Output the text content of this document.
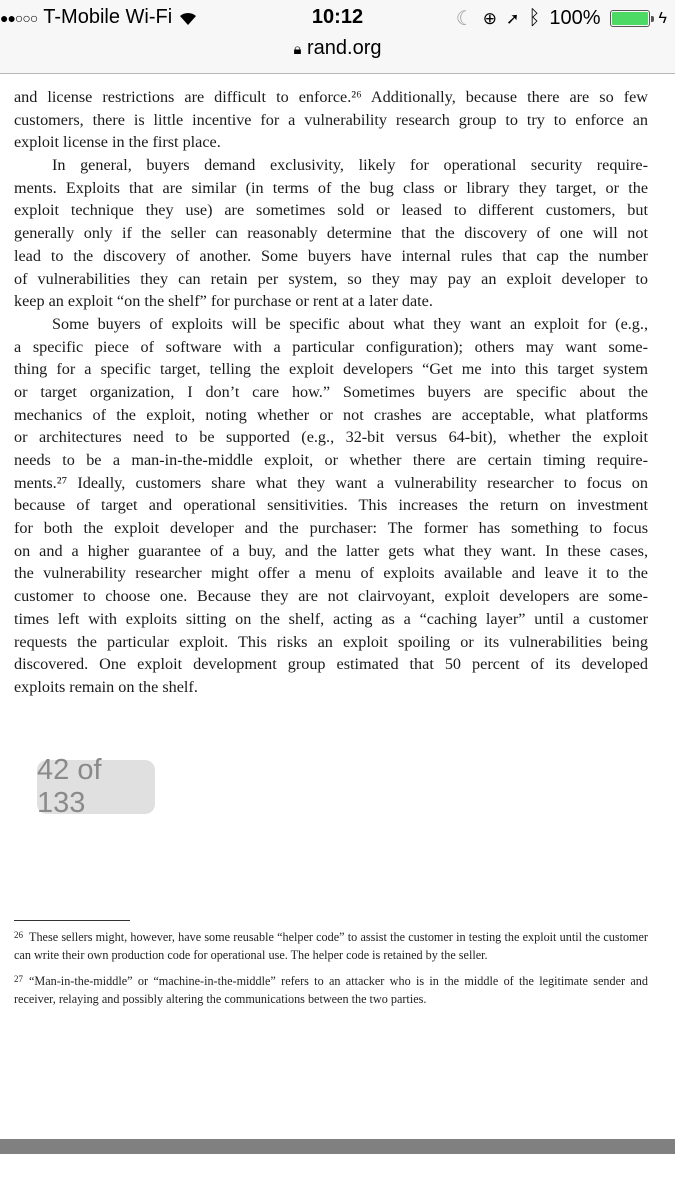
●●○○○ T-Mobile Wi-Fi	10:12	☾ ⊕ ➚ ᛒ 100%	ϟ
🔒︎ rand.org
and license restrictions are difficult to enforce.²⁶ Additionally, because there are so few
customers, there is little incentive for a vulnerability research group to try to enforce an
exploit license in the first place.
In general, buyers demand exclusivity, likely for operational security require-
ments. Exploits that are similar (in terms of the bug class or library they target, or the
exploit technique they use) are sometimes sold or leased to different customers, but
generally only if the seller can reasonably determine that the discovery of one will not
lead to the discovery of another. Some buyers have internal rules that cap the number
of vulnerabilities they can retain per system, so they may pay an exploit developer to
keep an exploit “on the shelf” for purchase or rent at a later date.
Some buyers of exploits will be specific about what they want an exploit for (e.g.,
a specific piece of software with a particular configuration); others may want some-
thing for a specific target, telling the exploit developers “Get me into this target system
or target organization, I don’t care how.” Sometimes buyers are specific about the
mechanics of the exploit, noting whether or not crashes are acceptable, what platforms
or architectures need to be supported (e.g., 32-bit versus 64-bit), whether the exploit
needs to be a man-in-the-middle exploit, or whether there are certain timing require-
ments.²⁷ Ideally, customers share what they want a vulnerability researcher to focus on
because of target and operational sensitivities. This increases the return on investment
for both the exploit developer and the purchaser: The former has something to focus
on and a higher guarantee of a buy, and the latter gets what they want. In these cases,
the vulnerability researcher might offer a menu of exploits available and leave it to the
customer to choose one. Because they are not clairvoyant, exploit developers are some-
times left with exploits sitting on the shelf, acting as a “caching layer” until a customer
requests the particular exploit. This risks an exploit spoiling or its vulnerabilities being
discovered. One exploit development group estimated that 50 percent of its developed
exploits remain on the shelf.
42 of 133
$^{26}$ These sellers might, however, have some reusable “helper code” to assist the customer in testing the exploit until the customer can write their own production code for operational use. The helper code is retained by the seller.
$^{27}$ “Man-in-the-middle” or “machine-in-the-middle” refers to an attacker who is in the middle of the legitimate sender and receiver, relaying and possibly altering the communications between the two parties.
